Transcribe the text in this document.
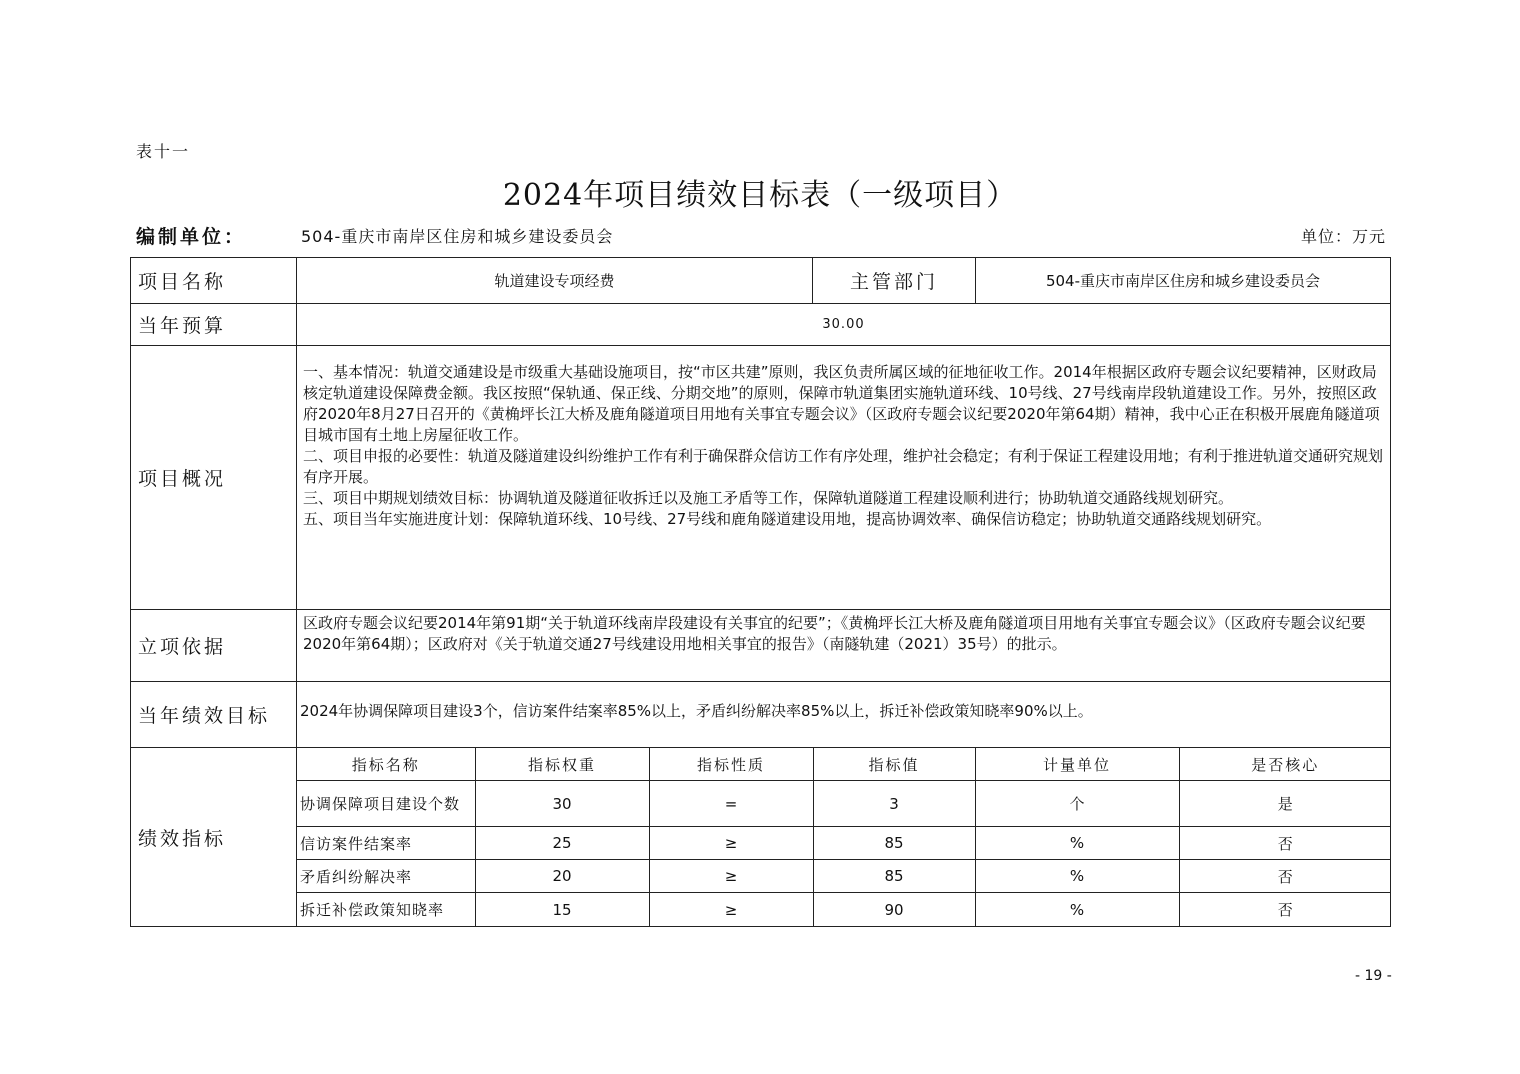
表十一
2024年项目绩效目标表（一级项目）
编制单位：	504-重庆市南岸区住房和城乡建设委员会	单位：万元
项目名称	轨道建设专项经费	主管部门	504-重庆市南岸区住房和城乡建设委员会
当年预算	30.00
项目概况	

一、基本情况：轨道交通建设是市级重大基础设施项目，按“市区共建”原则，我区负责所属区域的征地征收工作。2014年根据区政府专题会议纪要精神，区财政局核定轨道建设保障费金额。我区按照“保轨通、保正线、分期交地”的原则，保障市轨道集团实施轨道环线、10号线、27号线南岸段轨道建设工作。另外，按照区政府2020年8月27日召开的《黄桷坪长江大桥及鹿角隧道项目用地有关事宜专题会议》（区政府专题会议纪要2020年第64期）精神，我中心正在积极开展鹿角隧道项目城市国有土地上房屋征收工作。

二、项目申报的必要性：轨道及隧道建设纠纷维护工作有利于确保群众信访工作有序处理，维护社会稳定；有利于保证工程建设用地；有利于推进轨道交通研究规划有序开展。

三、项目中期规划绩效目标：协调轨道及隧道征收拆迁以及施工矛盾等工作，保障轨道隧道工程建设顺利进行；协助轨道交通路线规划研究。

五、项目当年实施进度计划：保障轨道环线、10号线、27号线和鹿角隧道建设用地，提高协调效率、确保信访稳定；协助轨道交通路线规划研究。

立项依据	区政府专题会议纪要2014年第91期“关于轨道环线南岸段建设有关事宜的纪要”；《黄桷坪长江大桥及鹿角隧道项目用地有关事宜专题会议》（区政府专题会议纪要2020年第64期）；区政府对《关于轨道交通27号线建设用地相关事宜的报告》（南隧轨建（2021）35号）的批示。
当年绩效目标	2024年协调保障项目建设3个，信访案件结案率85%以上，矛盾纠纷解决率85%以上，拆迁补偿政策知晓率90%以上。
绩效指标	
指标名称	指标权重	指标性质	指标值	计量单位	是否核心
协调保障项目建设个数	30	=	3	个	是
信访案件结案率	25	≥	85	%	否
矛盾纠纷解决率	20	≥	85	%	否
拆迁补偿政策知晓率	15	≥	90	%	否
- 19 -
